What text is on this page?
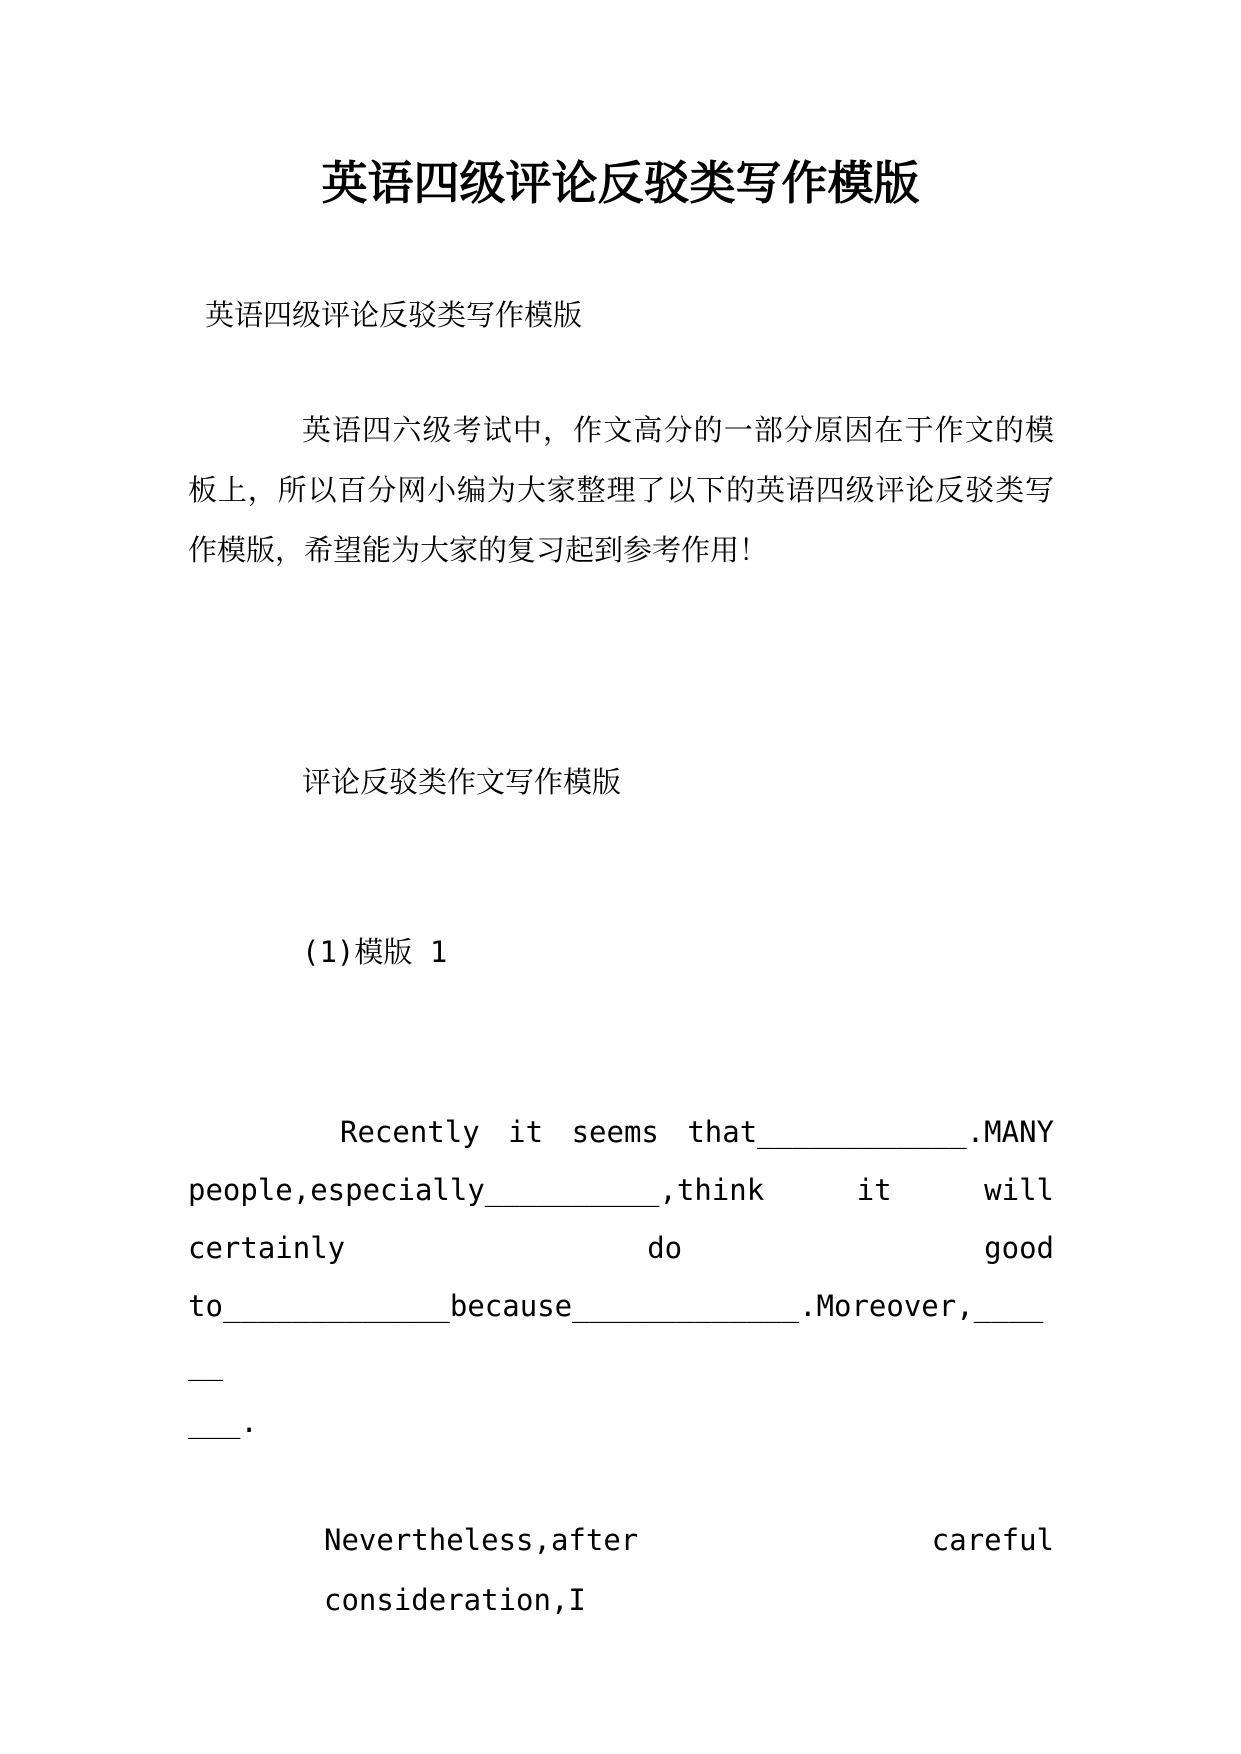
英语四级评论反驳类写作模版

英语四级评论反驳类写作模版

英语四六级考试中，作文高分的一部分原因在于作文的模板上，所以百分网小编为大家整理了以下的英语四级评论反驳类写作模版，希望能为大家的复习起到参考作用！

评论反驳类作文写作模版

(1)模版 1

Recently it seems that____________.MANY
people,especially__________,think it will
certainly do good
to_____________because_____________.Moreover,______
___.

Nevertheless,after careful consideration,I
